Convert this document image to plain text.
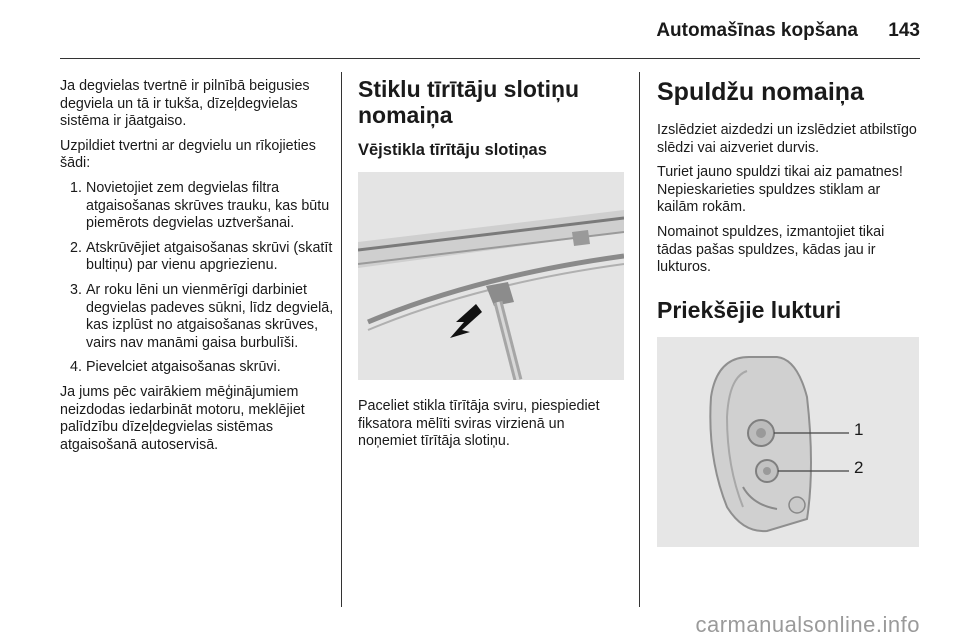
Automašīnas kopšana 143

Ja degvielas tvertnē ir pilnībā beigusies degviela un tā ir tukša, dīzeļdegvielas sistēma ir jāatgaiso.

Uzpildiet tvertni ar degvielu un rīkojieties šādi:

1. Novietojiet zem degvielas filtra atgaisošanas skrūves trauku, kas būtu piemērots degvielas uztveršanai.
2. Atskrūvējiet atgaisošanas skrūvi (skatīt bultiņu) par vienu apgriezienu.
3. Ar roku lēni un vienmērīgi darbiniet degvielas padeves sūkni, līdz degvielā, kas izplūst no atgaisošanas skrūves, vairs nav manāmi gaisa burbulīši.
4. Pievelciet atgaisošanas skrūvi.

Ja jums pēc vairākiem mēģinājumiem neizdodas iedarbināt motoru, meklējiet palīdzību dīzeļdegvielas sistēmas atgaisošanā autoservisā.

Stiklu tīrītāju slotiņu nomaiņa
Vējstikla tīrītāju slotiņas

Paceliet stikla tīrītāja sviru, piespiediet fiksatora mēlīti sviras virzienā un noņemiet tīrītāja slotiņu.

Spuldžu nomaiņa

Izslēdziet aizdedzi un izslēdziet atbilstīgo slēdzi vai aizveriet durvis.

Turiet jauno spuldzi tikai aiz pamatnes! Nepieskarieties spuldzes stiklam ar kailām rokām.

Nomainot spuldzes, izmantojiet tikai tādas pašas spuldzes, kādas jau ir lukturos.

Priekšējie lukturi
1
2
carmanualsonline.info
